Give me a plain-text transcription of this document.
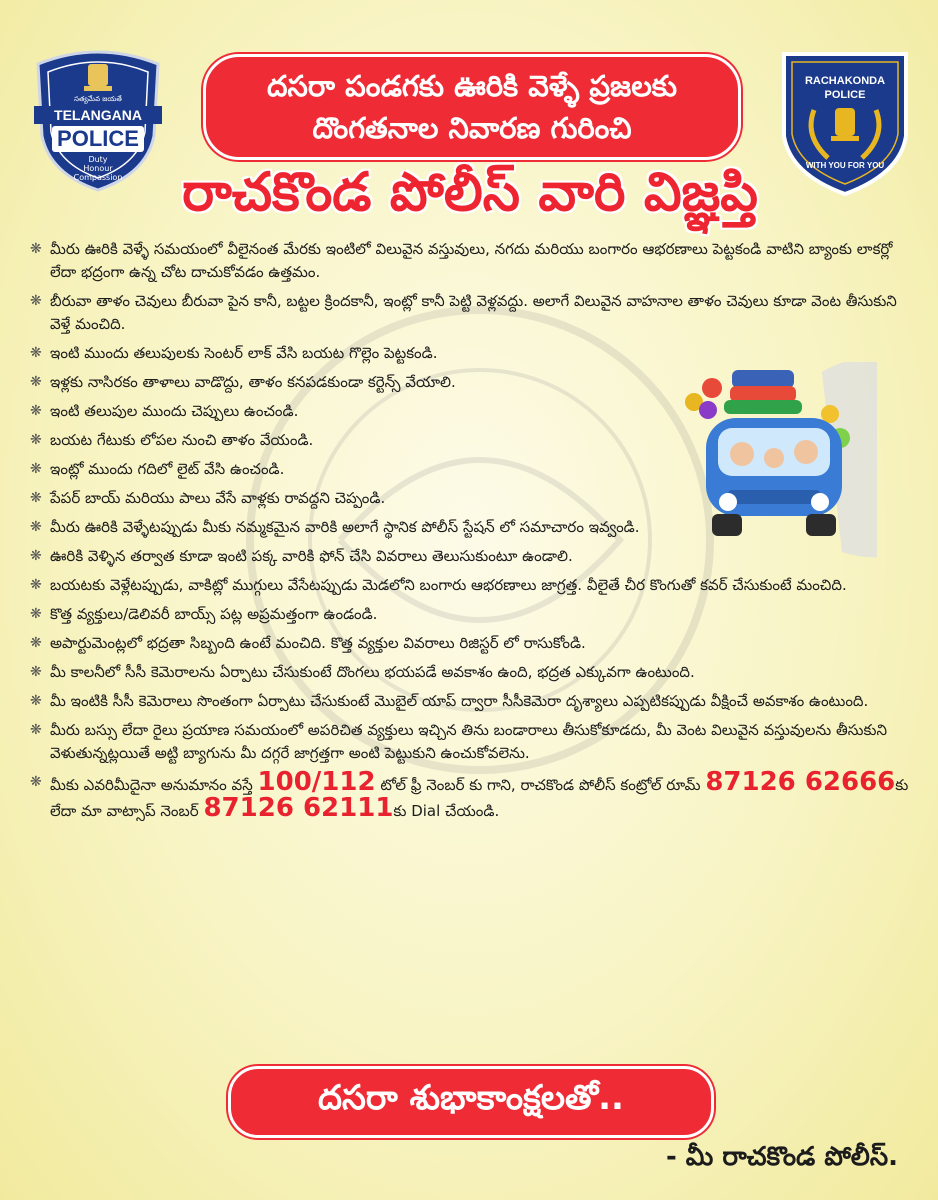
సత్యమేవ జయతే
TELANGANA
POLICE
Duty
Honour
Compassion
దసరా పండగకు ఊరికి వెళ్ళే ప్రజలకు
దొంగతనాల నివారణ గురించి
RACHAKONDA
POLICE
WITH YOU FOR YOU
రాచకొండ పోలీస్ వారి విజ్ఞప్తి
❋ మీరు ఊరికి వెళ్ళే సమయంలో వీలైనంత మేరకు ఇంటిలో విలువైన వస్తువులు, నగదు మరియు బంగారం ఆభరణాలు పెట్టకండి వాటిని బ్యాంకు లాకర్లో లేదా భద్రంగా ఉన్న చోట దాచుకోవడం ఉత్తమం.
❋ బీరువా తాళం చెవులు బీరువా పైన కానీ, బట్టల క్రిందకానీ, ఇంట్లో కానీ పెట్టి వెళ్లవద్దు. అలాగే విలువైన వాహనాల తాళం చెవులు కూడా వెంట తీసుకుని వెళ్తే మంచిది.
❋ ఇంటి ముందు తలుపులకు సెంటర్ లాక్ వేసి బయట గొల్లెం పెట్టకండి.
❋ ఇళ్లకు నాసిరకం తాళాలు వాడొద్దు, తాళం కనపడకుండా కర్టెన్స్ వేయాలి.
❋ ఇంటి తలుపుల ముందు చెప్పులు ఉంచండి.
❋ బయట గేటుకు లోపల నుంచి తాళం వేయండి.
❋ ఇంట్లో ముందు గదిలో లైట్ వేసి ఉంచండి.
❋ పేపర్ బాయ్ మరియు పాలు వేసే వాళ్లకు రావద్దని చెప్పండి.
❋ మీరు ఊరికి వెళ్ళేటప్పుడు మీకు నమ్మకమైన వారికి అలాగే స్థానిక పోలీస్ స్టేషన్ లో సమాచారం ఇవ్వండి.
❋ ఊరికి వెళ్ళిన తర్వాత కూడా ఇంటి పక్క వారికి ఫోన్ చేసి వివరాలు తెలుసుకుంటూ ఉండాలి.
❋ బయటకు వెళ్లేటప్పుడు, వాకిట్లో ముగ్గులు వేసేటప్పుడు మెడలోని బంగారు ఆభరణాలు జాగ్రత్త. వీలైతే చీర కొంగుతో కవర్ చేసుకుంటే మంచిది.
❋ కొత్త వ్యక్తులు/డెలివరీ బాయ్స్ పట్ల అప్రమత్తంగా ఉండండి.
❋ అపార్టుమెంట్లలో భద్రతా సిబ్బంది ఉంటే మంచిది. కొత్త వ్యక్తుల వివరాలు రిజిస్టర్ లో రాసుకోండి.
❋ మీ కాలనీలో సీసీ కెమెరాలను ఏర్పాటు చేసుకుంటే దొంగలు భయపడే అవకాశం ఉంది, భద్రత ఎక్కువగా ఉంటుంది.
❋ మీ ఇంటికి సీసీ కెమెరాలు సొంతంగా ఏర్పాటు చేసుకుంటే మొబైల్ యాప్ ద్వారా సీసీకెమెరా దృశ్యాలు ఎప్పటికప్పుడు వీక్షించే అవకాశం ఉంటుంది.
❋ మీరు బస్సు లేదా రైలు ప్రయాణ సమయంలో అపరిచిత వ్యక్తులు ఇచ్చిన తిను బండారాలు తీసుకోకూడదు, మీ వెంట విలువైన వస్తువులను తీసుకుని వెళుతున్నట్లయితే అట్టి బ్యాగును మీ దగ్గరే జాగ్రత్తగా అంటి పెట్టుకుని ఉంచుకోవలెను.
❋ మీకు ఎవరిమీదైనా అనుమానం వస్తే 100/112 టోల్ ఫ్రీ నెంబర్ కు గాని, రాచకొండ పోలీస్ కంట్రోల్ రూమ్ 87126 62666కు లేదా మా వాట్సాప్ నెంబర్ 87126 62111కు Dial చేయండి.
దసరా శుభాకాంక్షలతో..
- మీ రాచకొండ పోలీస్.
